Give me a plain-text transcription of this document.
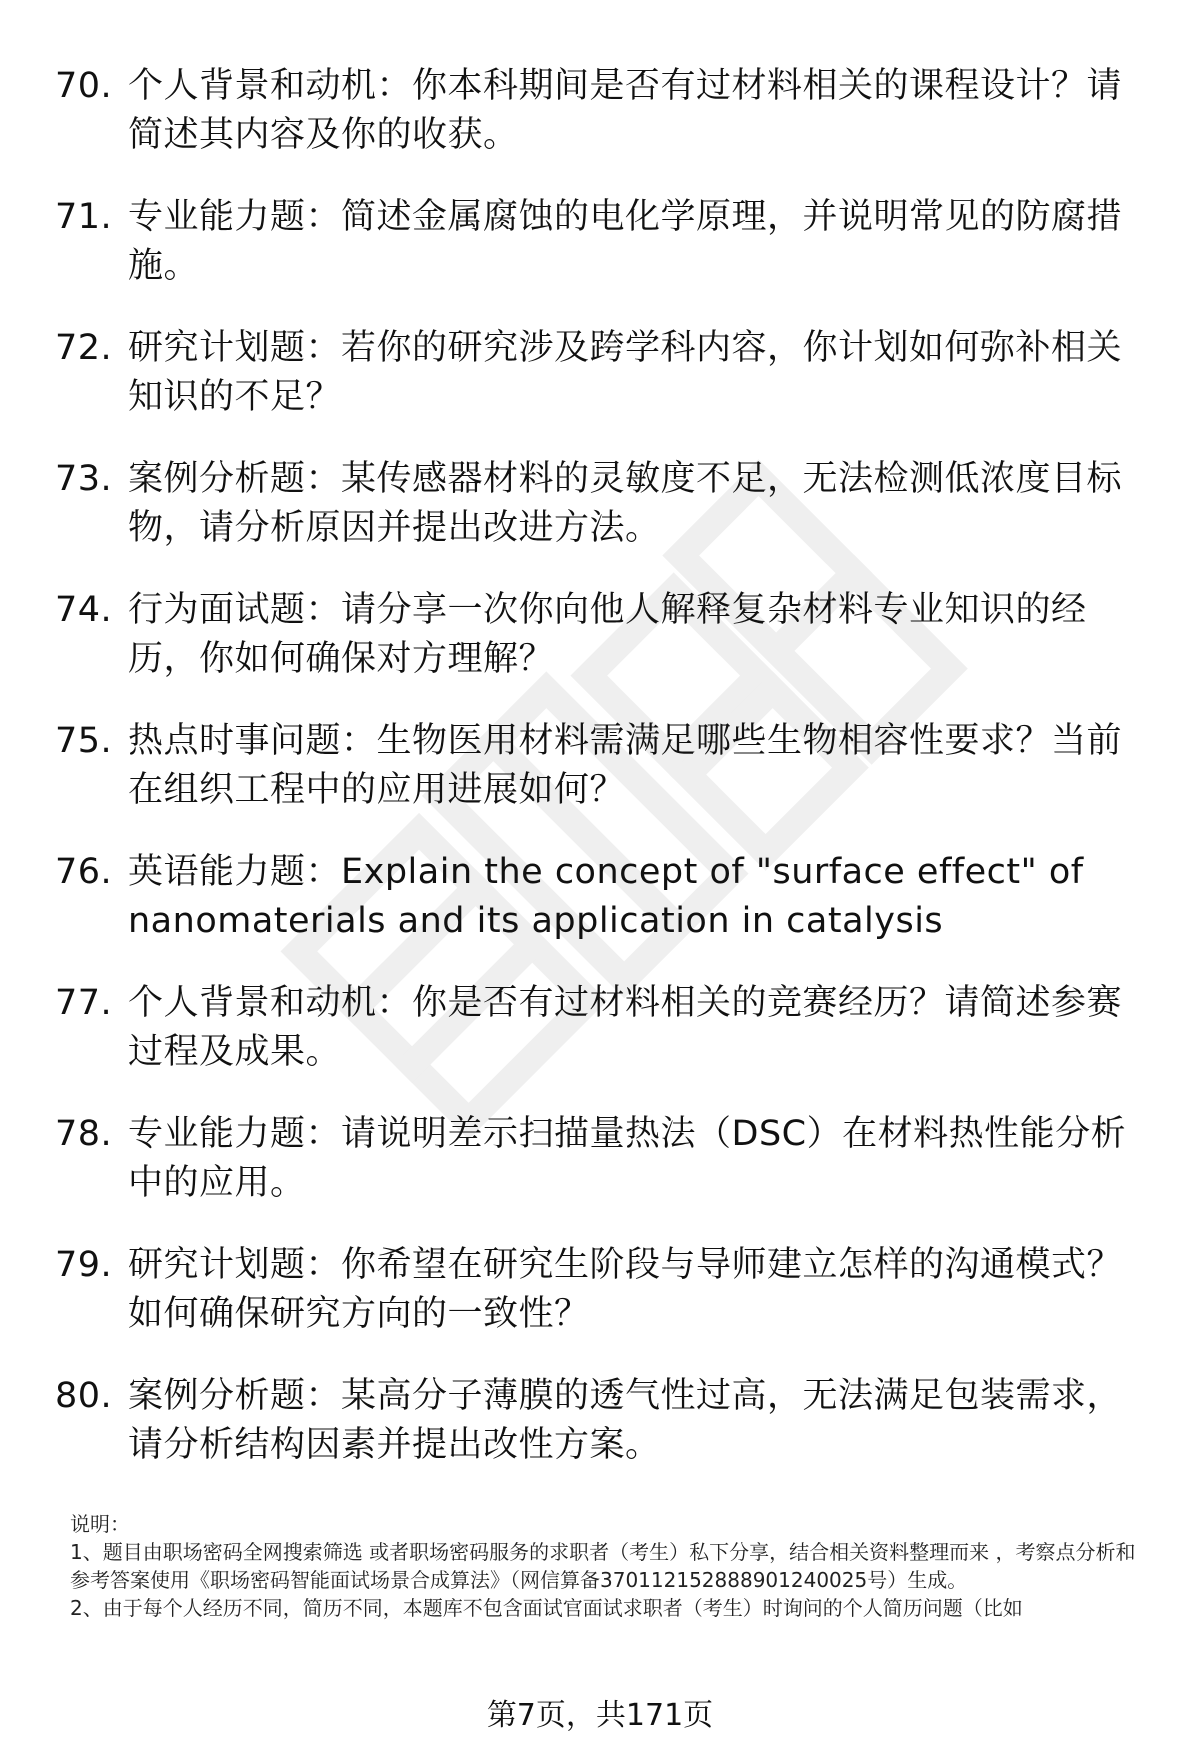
70. 个人背景和动机：你本科期间是否有过材料相关的课程设计？请简述其内容及你的收获。
71. 专业能力题：简述金属腐蚀的电化学原理，并说明常见的防腐措施。
72. 研究计划题：若你的研究涉及跨学科内容，你计划如何弥补相关知识的不足？
73. 案例分析题：某传感器材料的灵敏度不足，无法检测低浓度目标物，请分析原因并提出改进方法。
74. 行为面试题：请分享一次你向他人解释复杂材料专业知识的经历，你如何确保对方理解？
75. 热点时事问题：生物医用材料需满足哪些生物相容性要求？当前在组织工程中的应用进展如何？
76. 英语能力题：Explain the concept of "surface effect" of nanomaterials and its application in catalysis
77. 个人背景和动机：你是否有过材料相关的竞赛经历？请简述参赛过程及成果。
78. 专业能力题：请说明差示扫描量热法（DSC）在材料热性能分析中的应用。
79. 研究计划题：你希望在研究生阶段与导师建立怎样的沟通模式？如何确保研究方向的一致性？
80. 案例分析题：某高分子薄膜的透气性过高，无法满足包装需求，请分析结构因素并提出改性方案。

说明：

1、题目由职场密码全网搜索筛选 或者职场密码服务的求职者（考生）私下分享，结合相关资料整理而来 ，考察点分析和参考答案使用《职场密码智能面试场景合成算法》（网信算备370112152888901240025号）生成。

2、由于每个人经历不同，简历不同，本题库不包含面试官面试求职者（考生）时询问的个人简历问题（比如

第7页，共171页
